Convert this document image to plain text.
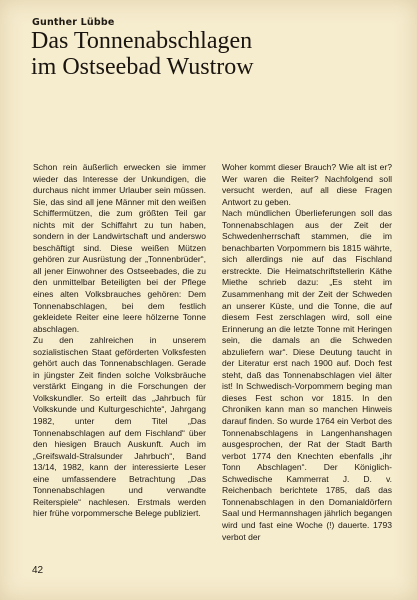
Gunther Lübbe
Das Tonnenabschlagen
im Ostseebad Wustrow

Schon rein äußerlich erwecken sie immer wieder das Interesse der Unkundigen, die durchaus nicht immer Urlauber sein müssen. Sie, das sind all jene Männer mit den weißen Schiffermützen, die zum größten Teil gar nichts mit der Schiffahrt zu tun haben, sondern in der Landwirtschaft und anderswo beschäftigt sind. Diese weißen Mützen gehören zur Ausrüstung der „Tonnenbrüder“, all jener Einwohner des Ostseebades, die zu den unmittelbar Beteiligten bei der Pflege eines alten Volksbrauches gehören: Dem Tonnenabschlagen, bei dem festlich gekleidete Reiter eine leere hölzerne Tonne abschlagen.

Zu den zahlreichen in unserem sozialistischen Staat geförderten Volksfesten gehört auch das Tonnenabschlagen. Gerade in jüngster Zeit finden solche Volksbräuche verstärkt Eingang in die Forschungen der Volkskundler. So erteilt das „Jahrbuch für Volkskunde und Kulturgeschichte“, Jahrgang 1982, unter dem Titel „Das Tonnenabschlagen auf dem Fischland“ über den hiesigen Brauch Auskunft. Auch im „Greifswald-Stralsunder Jahrbuch“, Band 13/14, 1982, kann der interessierte Leser eine umfassendere Betrachtung „Das Tonnenabschlagen und verwandte Reiterspiele“ nachlesen. Erstmals werden hier frühe vorpommersche Belege publiziert.

Woher kommt dieser Brauch? Wie alt ist er? Wer waren die Reiter? Nachfolgend soll versucht werden, auf all diese Fragen Antwort zu geben.

Nach mündlichen Überlieferungen soll das Tonnenabschlagen aus der Zeit der Schwedenherrschaft stammen, die im benachbarten Vorpommern bis 1815 währte, sich allerdings nie auf das Fischland erstreckte. Die Heimatschriftstellerin Käthe Miethe schrieb dazu: „Es steht im Zusammenhang mit der Zeit der Schweden an unserer Küste, und die Tonne, die auf diesem Fest zerschlagen wird, soll eine Erinnerung an die letzte Tonne mit Heringen sein, die damals an die Schweden abzuliefern war“. Diese Deutung taucht in der Literatur erst nach 1900 auf. Doch fest steht, daß das Tonnenabschlagen viel älter ist! In Schwedisch-Vorpommern beging man dieses Fest schon vor 1815. In den Chroniken kann man so manchen Hinweis darauf finden. So wurde 1764 ein Verbot des Tonnenabschlagens in Langenhanshagen ausgesprochen, der Rat der Stadt Barth verbot 1774 den Knechten ebenfalls „ihr Tonn Abschlagen“. Der Königlich-Schwedische Kammerrat J. D. v. Reichenbach berichtete 1785, daß das Tonnenabschlagen in den Domanialdörfern Saal und Hermannshagen jährlich begangen wird und fast eine Woche (!) dauerte. 1793 verbot der

42
